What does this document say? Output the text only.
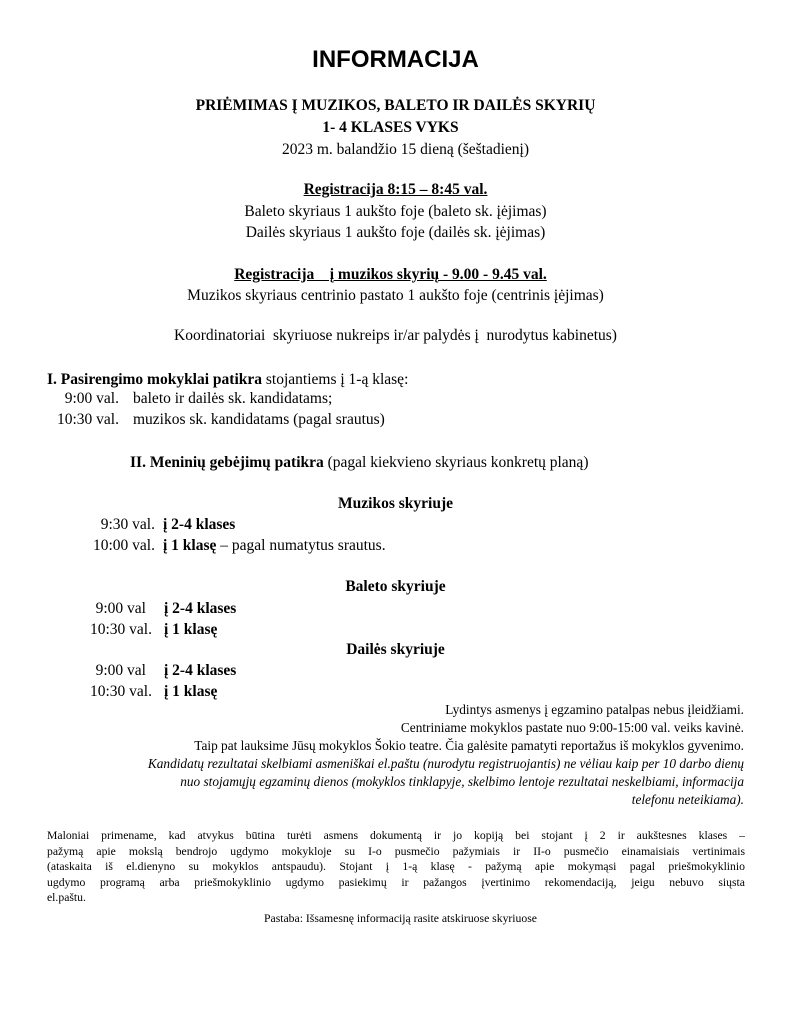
INFORMACIJA
PRIĖMIMAS Į MUZIKOS, BALETO IR DAILĖS SKYRIŲ
1- 4 KLASES VYKS
2023 m. balandžio 15 dieną (šeštadienį)
Registracija 8:15 – 8:45 val.
Baleto skyriaus 1 aukšto foje (baleto sk. įėjimas)
Dailės skyriaus 1 aukšto foje (dailės sk. įėjimas)
Registracija    į muzikos skyrių - 9.00 - 9.45 val.
Muzikos skyriaus centrinio pastato 1 aukšto foje (centrinis įėjimas)
Koordinatoriai  skyriuose nukreips ir/ar palydės į  nurodytus kabinetus)
I. Pasirengimo mokyklai patikra stojantiems į 1-ą klasę:
9:00 val. baleto ir dailės sk. kandidatams;
10:30 val. muzikos sk. kandidatams (pagal srautus)
II. Meninių gebėjimų patikra (pagal kiekvieno skyriaus konkretų planą)
Muzikos skyriuje
9:30 val. į 2-4 klases
10:00 val. į 1 klasę – pagal numatytus srautus.
Baleto skyriuje
9:00 val į 2-4 klases
10:30 val. į 1 klasę
Dailės skyriuje
9:00 val į 2-4 klases
10:30 val. į 1 klasę
Lydintys asmenys į egzamino patalpas nebus įleidžiami.
Centriniame mokyklos pastate nuo 9:00-15:00 val. veiks kavinė.
Taip pat lauksime Jūsų mokyklos Šokio teatre. Čia galėsite pamatyti reportažus iš mokyklos gyvenimo.
Kandidatų rezultatai skelbiami asmeniškai el.paštu (nurodytu registruojantis) ne vėliau kaip per 10 darbo dienų
nuo stojamųjų egzaminų dienos (mokyklos tinklapyje, skelbimo lentoje rezultatai neskelbiami, informacija
telefonu neteikiama).
Maloniai primename, kad atvykus būtina turėti asmens dokumentą ir jo kopiją bei stojant į 2 ir aukštesnes klases –
pažymą apie mokslą bendrojo ugdymo mokykloje su I-o pusmečio pažymiais ir II-o pusmečio einamaisiais vertinimais
(ataskaita iš el.dienyno su mokyklos antspaudu). Stojant į 1-ą klasę - pažymą apie mokymąsi pagal priešmokyklinio
ugdymo programą arba priešmokyklinio ugdymo pasiekimų ir pažangos įvertinimo rekomendaciją, jeigu nebuvo siųsta
el.paštu.
Pastaba: Išsamesnę informaciją rasite atskiruose skyriuose
